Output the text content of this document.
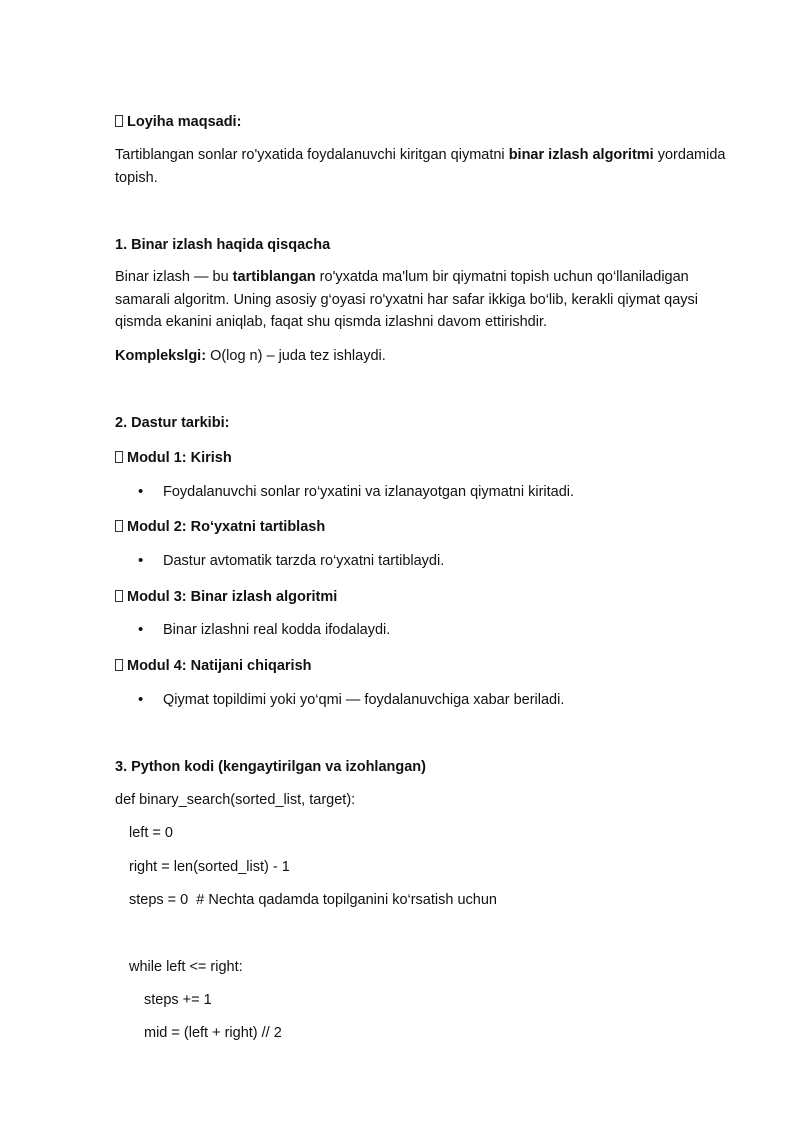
Loyiha maqsadi:

Tartiblangan sonlar ro'yxatida foydalanuvchi kiritgan qiymatni binar izlash algoritmi yordamida topish.

1. Binar izlash haqida qisqacha

Binar izlash — bu tartiblangan ro'yxatda ma'lum bir qiymatni topish uchun qo‘llaniladigan samarali algoritm. Uning asosiy g‘oyasi ro'yxatni har safar ikkiga bo‘lib, kerakli qiymat qaysi qismda ekanini aniqlab, faqat shu qismda izlashni davom ettirishdir.

Komplekslgi: O(log n) – juda tez ishlaydi.

2. Dastur tarkibi:

Modul 1: Kirish

• Foydalanuvchi sonlar ro‘yxatini va izlanayotgan qiymatni kiritadi.

Modul 2: Ro‘yxatni tartiblash

• Dastur avtomatik tarzda ro‘yxatni tartiblaydi.

Modul 3: Binar izlash algoritmi

• Binar izlashni real kodda ifodalaydi.

Modul 4: Natijani chiqarish

• Qiymat topildimi yoki yo‘qmi — foydalanuvchiga xabar beriladi.

3. Python kodi (kengaytirilgan va izohlangan)

def binary_search(sorted_list, target):
left = 0
right = len(sorted_list) - 1
steps = 0  # Nechta qadamda topilganini ko‘rsatish uchun
while left <= right:
steps += 1
mid = (left + right) // 2
